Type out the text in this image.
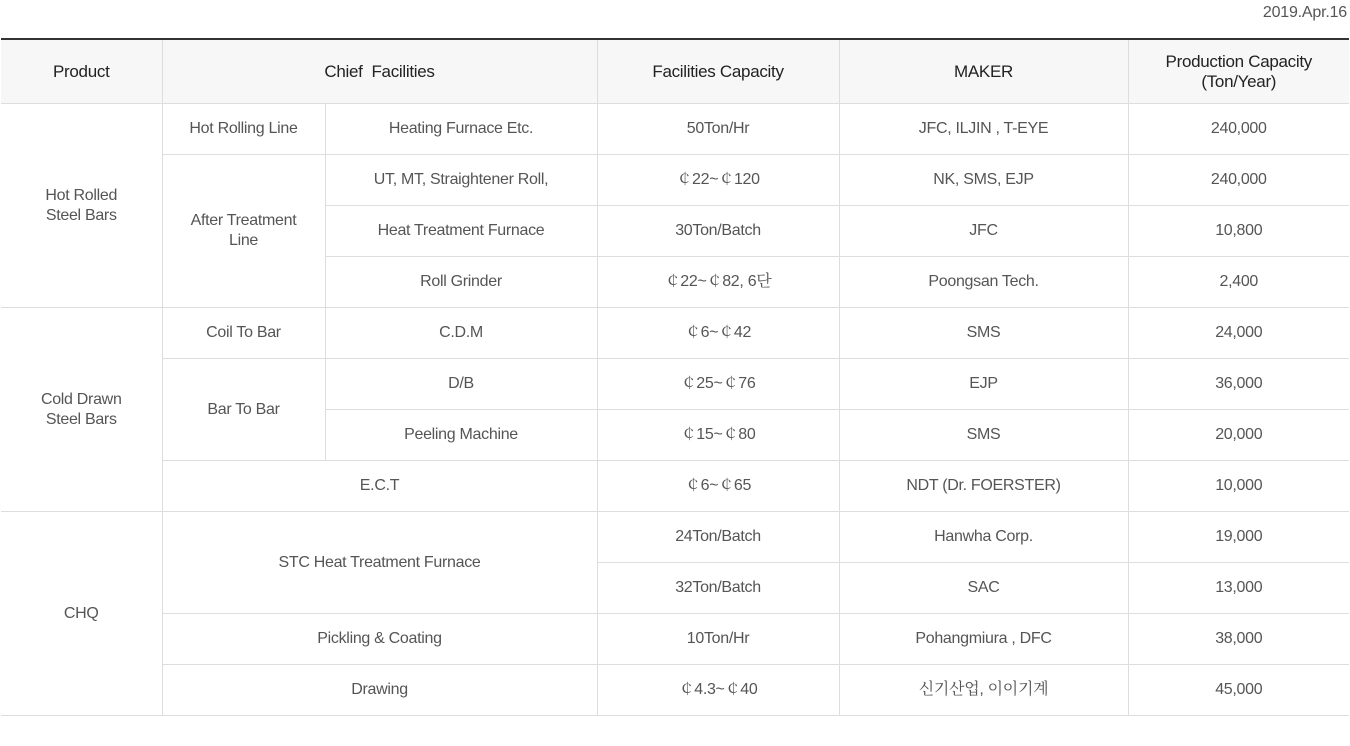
2019.Apr.16
Product	Chief  Facilities		Facilities Capacity	MAKER	Production Capacity
(Ton/Year)

Hot Rolled
Steel Bars	Hot Rolling Line	Heating Furnace Etc.	50Ton/Hr	JFC, ILJIN , T-EYE	240,000

	After Treatment
Line	UT, MT, Straightener Roll,	￠22~￠120	NK, SMS, EJP	240,000

		Heat Treatment Furnace	30Ton/Batch	JFC	10,800

		Roll Grinder	￠22~￠82, 6단	Poongsan Tech.	2,400

Cold Drawn
Steel Bars	Coil To Bar	C.D.M	￠6~￠42	SMS	24,000

	Bar To Bar	D/B	￠25~￠76	EJP	36,000

		Peeling Machine	￠15~￠80	SMS	20,000

	E.C.T		￠6~￠65	NDT (Dr. FOERSTER)	10,000

CHQ	STC Heat Treatment Furnace		24Ton/Batch	Hanwha Corp.	19,000

			32Ton/Batch	SAC	13,000

	Pickling & Coating		10Ton/Hr	Pohangmiura , DFC	38,000

	Drawing		￠4.3~￠40	신기산업, 이이기계	45,000
